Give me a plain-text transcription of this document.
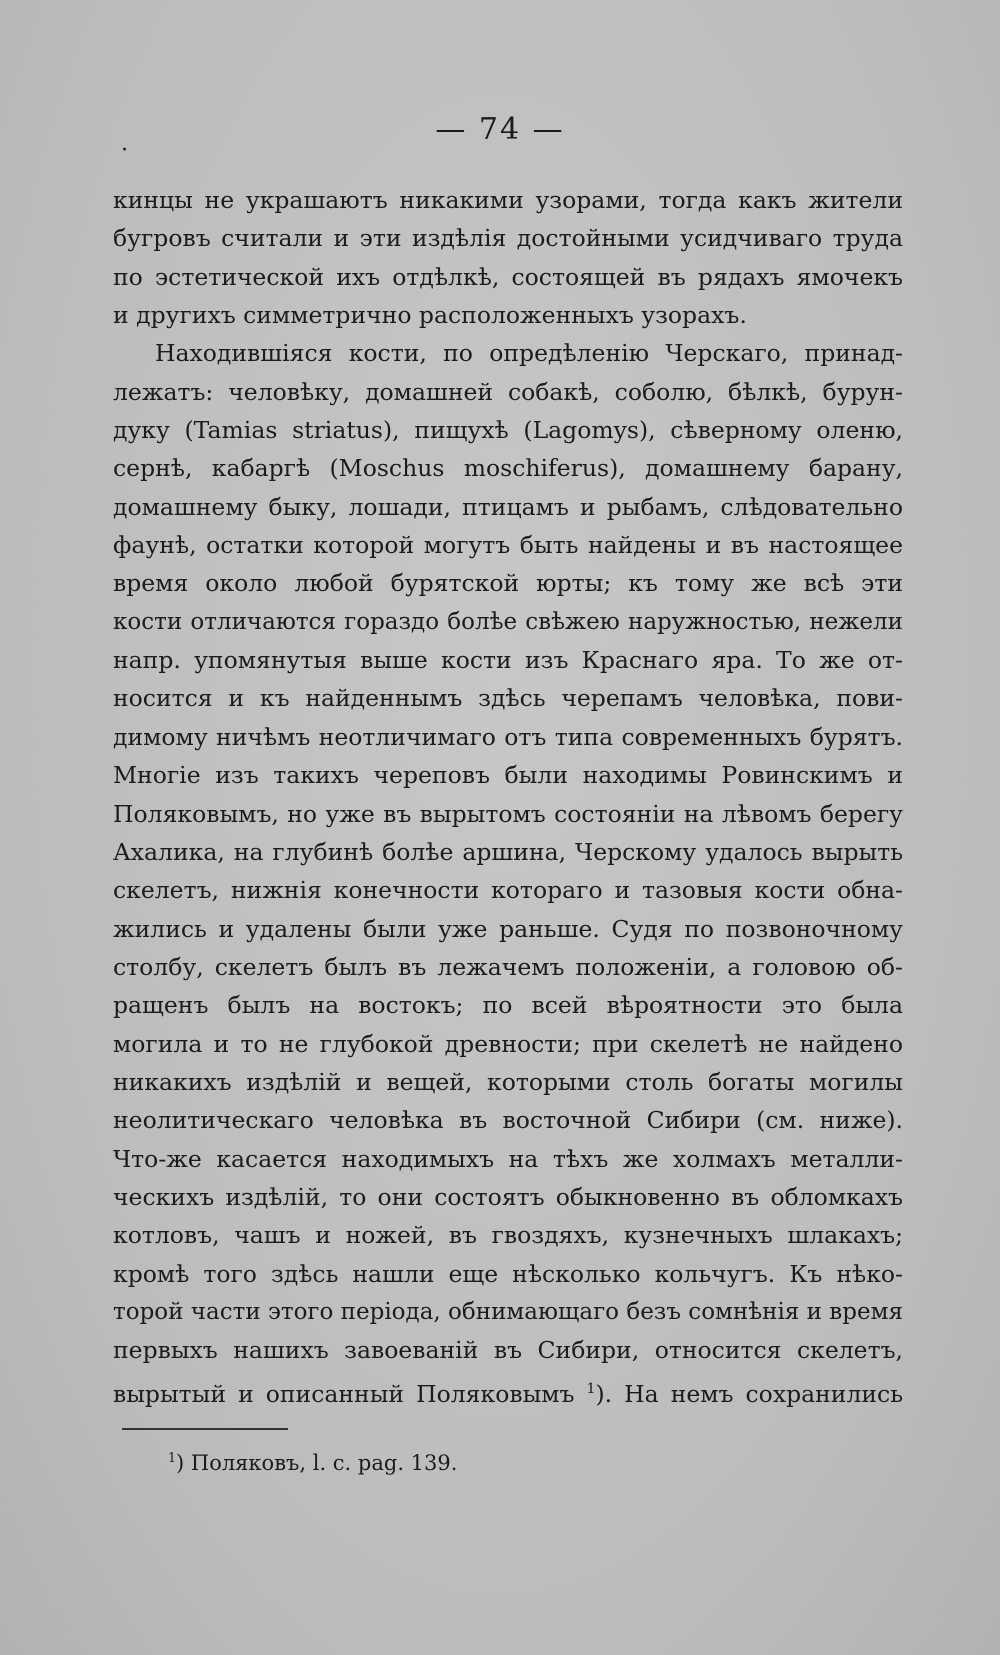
·
— 74 —
кинцы не украшаютъ никакими узорами, тогда какъ жители
бугровъ считали и эти издѣлія достойными усидчиваго труда
по эстетической ихъ отдѣлкѣ, состоящей въ рядахъ ямочекъ
и другихъ симметрично расположенныхъ узорахъ.
Находившіяся кости, по опредѣленію Черскаго, принад-
лежатъ: человѣку, домашней собакѣ, соболю, бѣлкѣ, бурун-
дуку (Tamias striatus), пищухѣ (Lagomys), сѣверному оленю,
сернѣ, кабаргѣ (Moschus moschiferus), домашнему барану,
домашнему быку, лошади, птицамъ и рыбамъ, слѣдовательно
фаунѣ, остатки которой могутъ быть найдены и въ настоящее
время около любой бурятской юрты; къ тому же всѣ эти
кости отличаются гораздо болѣе свѣжею наружностью, нежели
напр. упомянутыя выше кости изъ Краснаго яра. То же от-
носится и къ найденнымъ здѣсь черепамъ человѣка, пови-
димому ничѣмъ неотличимаго отъ типа современныхъ бурятъ.
Многіе изъ такихъ череповъ были находимы Ровинскимъ и
Поляковымъ, но уже въ вырытомъ состояніи на лѣвомъ берегу
Ахалика, на глубинѣ болѣе аршина, Черскому удалось вырыть
скелетъ, нижнія конечности котораго и тазовыя кости обна-
жились и удалены были уже раньше. Судя по позвоночному
столбу, скелетъ былъ въ лежачемъ положеніи, а головою об-
ращенъ былъ на востокъ; по всей вѣроятности это была
могила и то не глубокой древности; при скелетѣ не найдено
никакихъ издѣлій и вещей, которыми столь богаты могилы
неолитическаго человѣка въ восточной Сибири (см. ниже).
Что-же касается находимыхъ на тѣхъ же холмахъ металли-
ческихъ издѣлій, то они состоятъ обыкновенно въ обломкахъ
котловъ, чашъ и ножей, въ гвоздяхъ, кузнечныхъ шлакахъ;
кромѣ того здѣсь нашли еще нѣсколько кольчугъ. Къ нѣко-
торой части этого періода, обнимающаго безъ сомнѣнія и время
первыхъ нашихъ завоеваній въ Сибири, относится скелетъ,
вырытый и описанный Поляковымъ $^1$). На немъ сохранились
$^1$) Поляковъ, l. c. pag. 139.
